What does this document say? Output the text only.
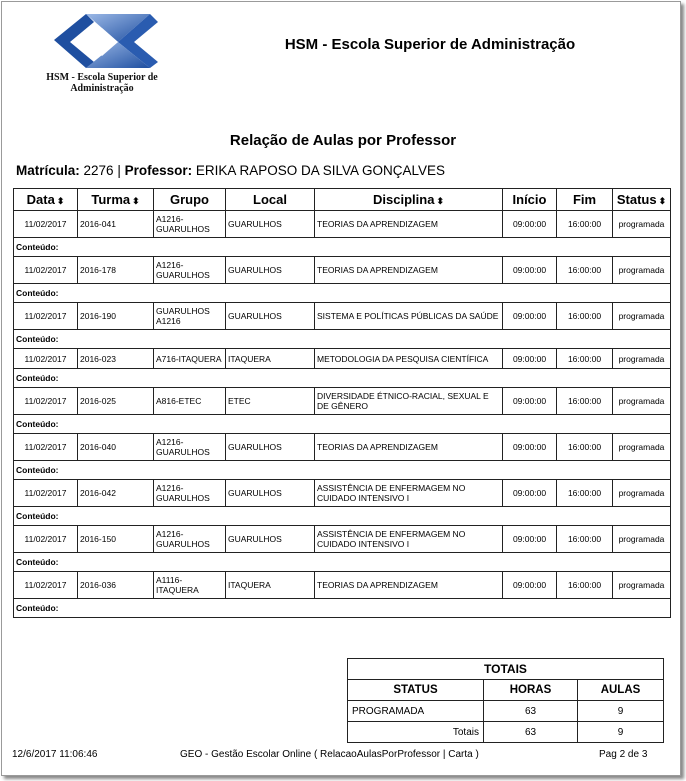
HSM - Escola Superior de Administração
HSM - Escola Superior de Administração
Relação de Aulas por Professor
Matrícula: 2276 | Professor: ERIKA RAPOSO DA SILVA GONÇALVES
Data ⬍	Turma ⬍	Grupo	Local	Disciplina ⬍	Início	Fim	Status ⬍
11/02/2017	2016-041	A1216-GUARULHOS	GUARULHOS	TEORIAS DA APRENDIZAGEM	09:00:00	16:00:00	programada
Conteúdo:							
11/02/2017	2016-178	A1216-GUARULHOS	GUARULHOS	TEORIAS DA APRENDIZAGEM	09:00:00	16:00:00	programada
Conteúdo:							
11/02/2017	2016-190	GUARULHOS A1216	GUARULHOS	SISTEMA E POLÍTICAS PÚBLICAS DA SAÚDE	09:00:00	16:00:00	programada
Conteúdo:							
11/02/2017	2016-023	A716-ITAQUERA	ITAQUERA	METODOLOGIA DA PESQUISA CIENTÍFICA	09:00:00	16:00:00	programada
Conteúdo:							
11/02/2017	2016-025	A816-ETEC	ETEC	DIVERSIDADE ÉTNICO-RACIAL, SEXUAL E DE GÊNERO	09:00:00	16:00:00	programada
Conteúdo:							
11/02/2017	2016-040	A1216-GUARULHOS	GUARULHOS	TEORIAS DA APRENDIZAGEM	09:00:00	16:00:00	programada
Conteúdo:							
11/02/2017	2016-042	A1216-GUARULHOS	GUARULHOS	ASSISTÊNCIA DE ENFERMAGEM NO CUIDADO INTENSIVO I	09:00:00	16:00:00	programada
Conteúdo:							
11/02/2017	2016-150	A1216-GUARULHOS	GUARULHOS	ASSISTÊNCIA DE ENFERMAGEM NO CUIDADO INTENSIVO I	09:00:00	16:00:00	programada
Conteúdo:							
11/02/2017	2016-036	A1116-ITAQUERA	ITAQUERA	TEORIAS DA APRENDIZAGEM	09:00:00	16:00:00	programada
Conteúdo:							
TOTAIS		
STATUS	HORAS	AULAS
PROGRAMADA	63	9
Totais	63	9
12/6/2017 11:06:46	GEO - Gestão Escolar Online ( RelacaoAulasPorProfessor | Carta )	Pag 2 de 3
